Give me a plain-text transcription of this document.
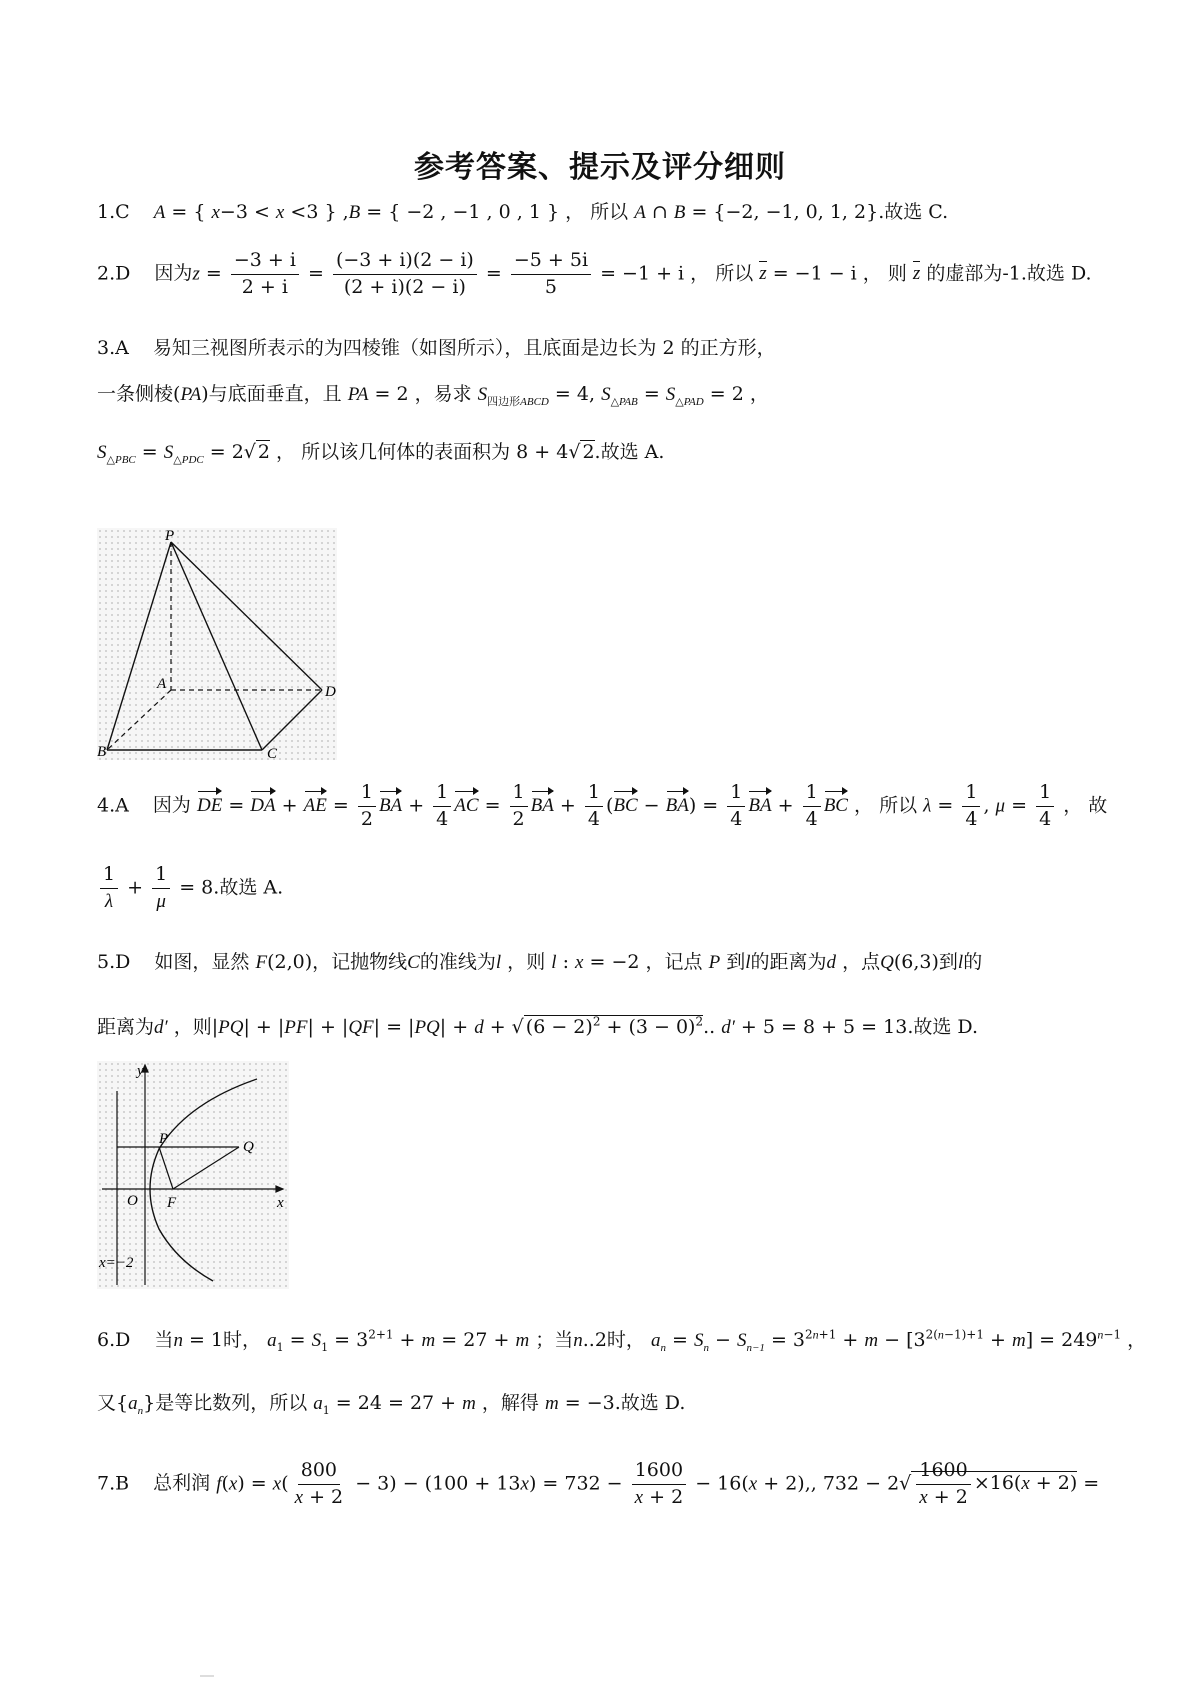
参考答案、提示及评分细则
1.C A = { x−3 < x <3 } ,B = { −2 , −1 , 0 , 1 } ， 所以 A ∩ B = {−2, −1, 0, 1, 2}.故选 C.
2.D 因为$z = \frac{-3 + i}{2 + i} = \frac{(-3 + i)(2 - i)}{(2 + i)(2 - i)} = \frac{-5 + 5i}{5} = -1 + i$ ， 所以 z = −1 − i ， 则 z 的虚部为-1.故选 D.
3.A 易知三视图所表示的为四棱锥（如图所示），且底面是边长为 2 的正方形，
一条侧棱(PA)与底面垂直，且 PA = 2 ，易求 $S_{四边形ABCD} = 4$, $S_{\triangle PAB} = S_{\triangle PAD} = 2$ ，
$S_{\triangle PBC} = S_{\triangle PDC} = 2√$ 2 ， 所以该几何体的表面积为 8 + 4√ 2.故选 A.
P
A
B	C
D
4.A 因为 DE = DA + AE = $\frac{1}{2}$ BA + $\frac{1}{4}$ AC = $\frac{1}{2}$ BA + $\frac{1}{4} (BC - BA) = \frac{1}{4}$ BA + $\frac{1}{4}$ BC ， 所以 $\lambda = \frac{1}{4}$ , $\mu = \frac{1}{4}$ ， 故
$\frac{1}{\lambda} + \frac{1}{\mu} = 8$.故选 A.
5.D 如图，显然 F(2,0)，记抛物线C的准线为l ，则 l : x = −2 ，记点 P 到l的距离为d ，点Q(6,3)到l的
距离为d′ ，则|PQ| + |PF| + |QF| = |PQ| + d + √ $(6 - 2)^2 + (3 - 0)^2$.. d′ + 5 = 8 + 5 = 13.故选 D.
y
P	Q
O F	x
x=−2
6.D 当n = 1时， $a_1 = S_1 = 3^{2+1} + m = 27 + m$ ；当n..2时， $a_n = S_n - S_{n-1} = 3^{2n+1} + m - [3^{2(n-1)+1} + m] = 249^{n-1}$ ，
又$\{a_n\}$是等比数列，所以 $a_1 = 24 = 27 + m$ ，解得 m = −3.故选 D.
7.B 总利润 $f(x) = x( \frac{800}{x + 2} - 3) - (100 + 13x) = 732 - \frac{1600}{x + 2} - 16(x + 2)$,, $732 - 2√ \frac{1600}{x + 2} \times 16(x + 2)$ =
